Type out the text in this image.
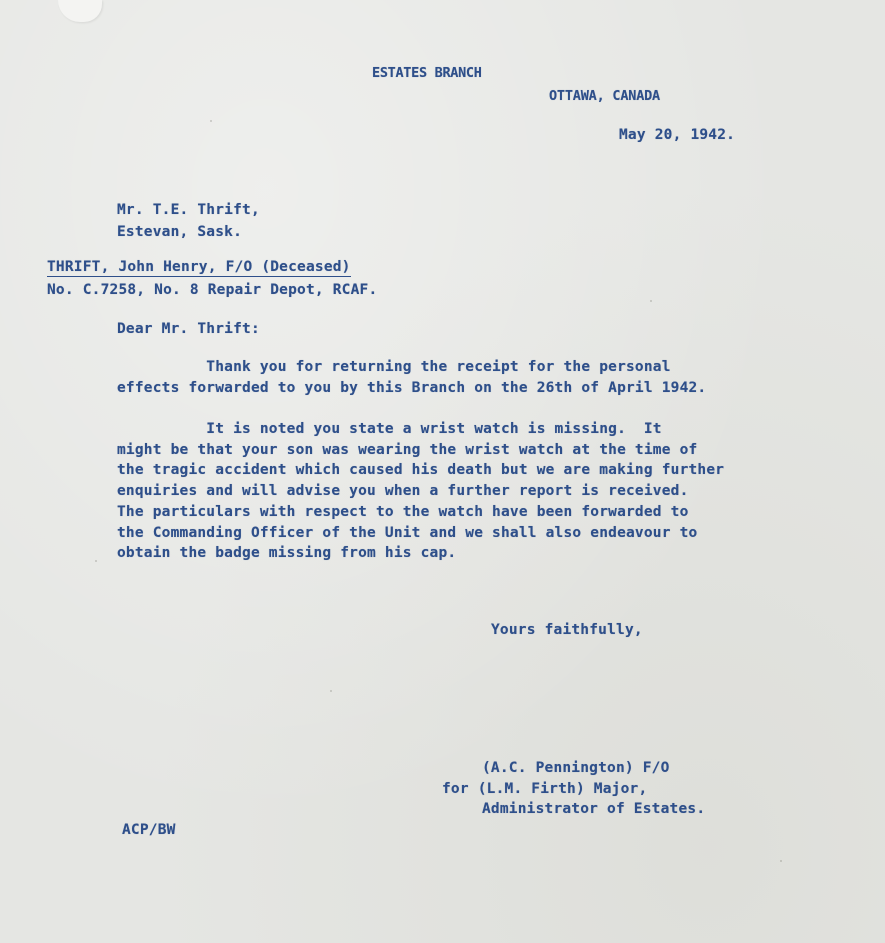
ESTATES BRANCH

OTTAWA, CANADA

May 20, 1942.

Mr. T.E. Thrift,

Estevan, Sask.

THRIFT, John Henry, F/O (Deceased)

No. C.7258, No. 8 Repair Depot, RCAF.

Dear Mr. Thrift:

Thank you for returning the receipt for the personal
effects forwarded to you by this Branch on the 26th of April 1942.
It is noted you state a wrist watch is missing.  It
might be that your son was wearing the wrist watch at the time of
the tragic accident which caused his death but we are making further
enquiries and will advise you when a further report is received.
The particulars with respect to the watch have been forwarded to
the Commanding Officer of the Unit and we shall also endeavour to
obtain the badge missing from his cap.

Yours faithfully,

(A.C. Pennington) F/O

for (L.M. Firth) Major,

Administrator of Estates.

ACP/BW
